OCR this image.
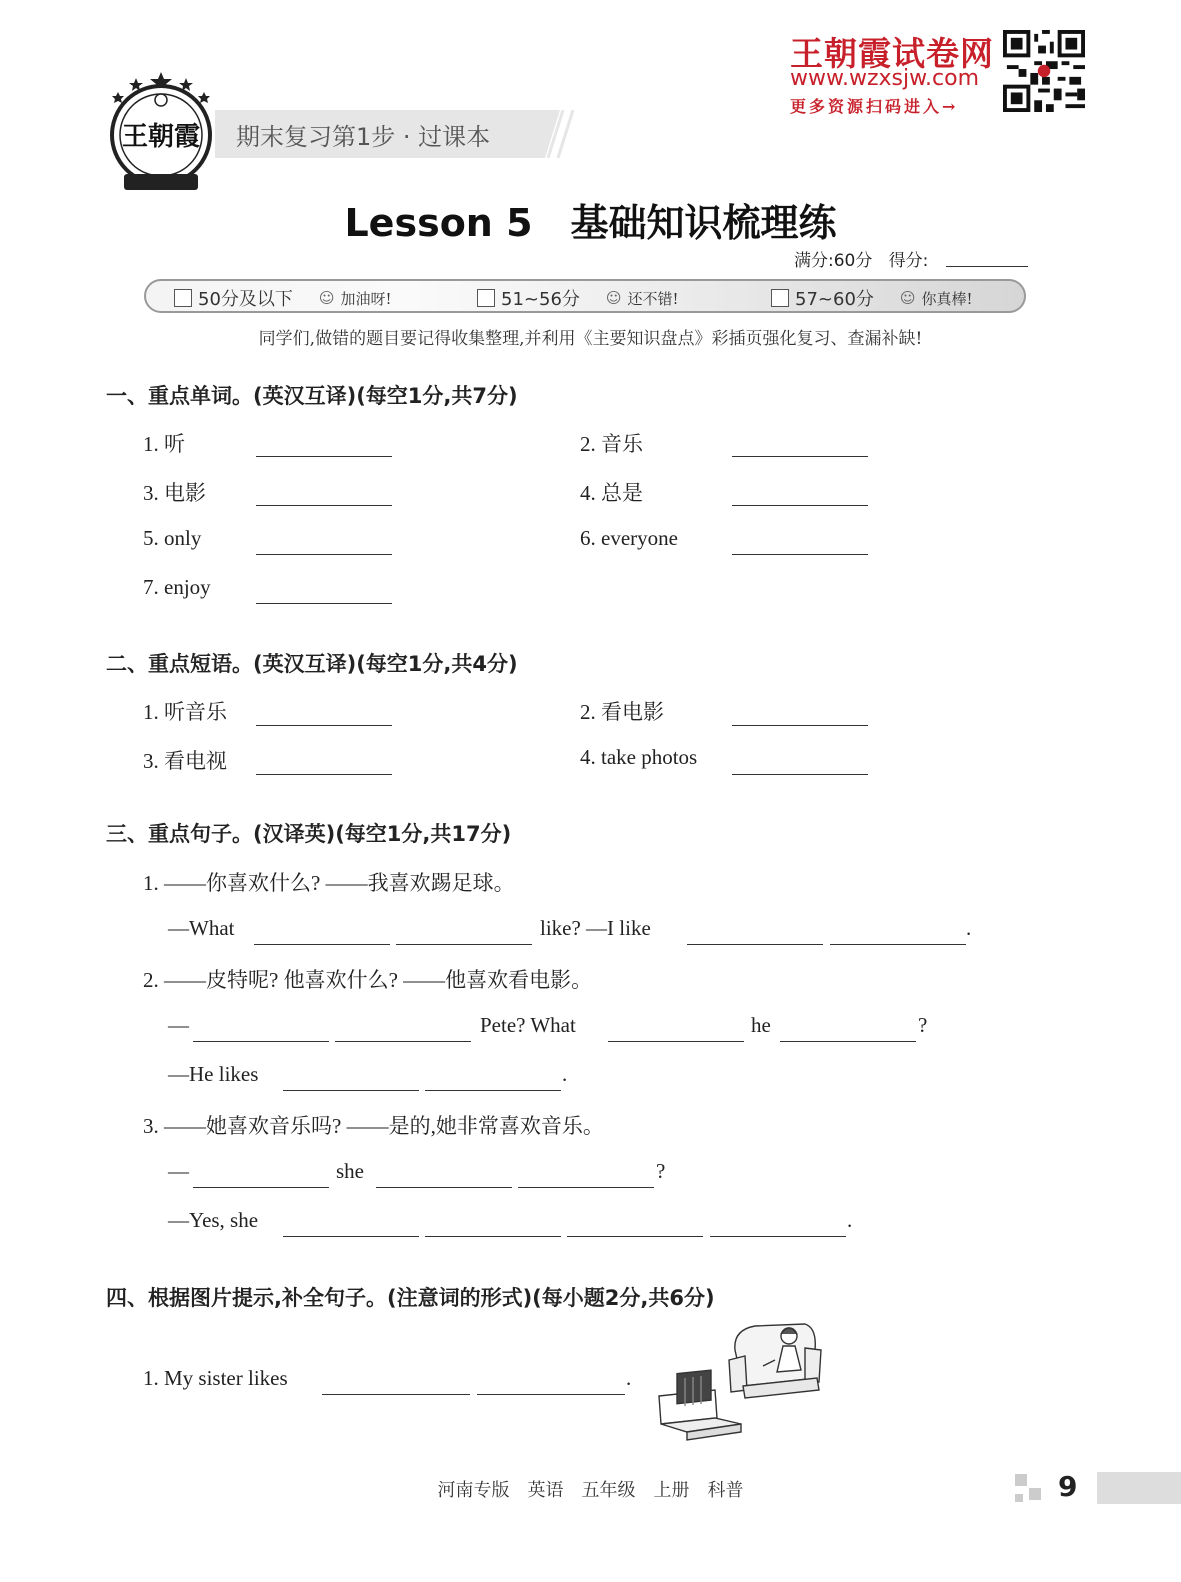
王朝霞试卷网
www.wzxsjw.com
更多资源扫码进入→
王朝霞 期末复习第1步 · 过课本
Lesson 5　基础知识梳理练
满分:60分 得分:
50分及以下 ☺ 加油呀!	51~56分 ☺ 还不错!	57~60分 ☺ 你真棒!
同学们,做错的题目要记得收集整理,并利用《主要知识盘点》彩插页强化复习、查漏补缺!
一、重点单词。(英汉互译)(每空1分,共7分)
1. 听	2. 音乐
3. 电影	4. 总是
5. only	6. everyone
7. enjoy
二、重点短语。(英汉互译)(每空1分,共4分)
1. 听音乐	2. 看电影
3. 看电视	4. take photos
三、重点句子。(汉译英)(每空1分,共17分)
1. ——你喜欢什么? ——我喜欢踢足球。
—What	like? —I like	.
2. ——皮特呢? 他喜欢什么? ——他喜欢看电影。
—	Pete? What	he	?
—He likes	.
3. ——她喜欢音乐吗? ——是的,她非常喜欢音乐。
—	she	?
—Yes, she	.
四、根据图片提示,补全句子。(注意词的形式)(每小题2分,共6分)
1. My sister likes	.
河南专版　英语　五年级　上册　科普	9
